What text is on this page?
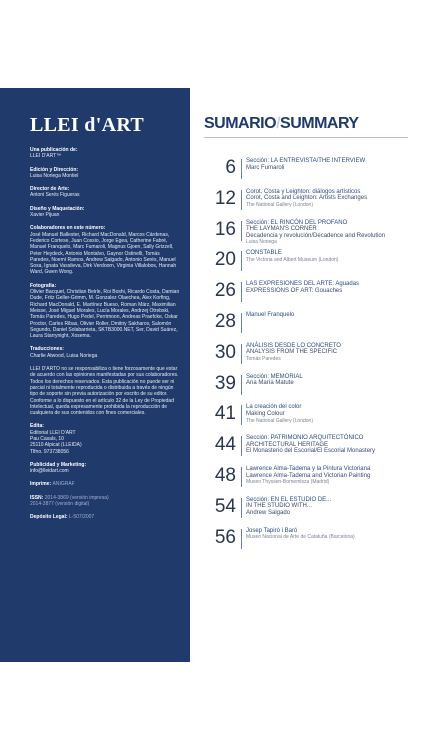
LLEI d'ART
Una publicación de:
LLEI D'ART™
Edición y Dirección:
Luisa Noriega Montiel
Director de Arte:
Antoni Serés Figueras
Diseño y Maquetación:
Xavier Pijuan
Colaboradores en este número:
José Manuel Ballester, Richard MacDonald, Marcos Cárdenas, Federico Cortese, Juan Cossio, Jorge Egea, Catherine Fabré, Manuel Franquelo, Marc Fumaroli, Magnus Gjoen, Sally Grizzell, Peter Heydeck, Antonio Montalvo, Gaynor Ostinelli, Tomás Paredes, Noemí Ramos, Andrew Salgado, Antonio Serés, Manuel Sosa, Ignata Vassileva, Dirk Verdoorn, Virginia Villalobos, Hannah Ward, Gwen Wong.
Fotografía:
Olivier Bacquet, Christian Beirle, Roi Boshi, Ricardo Costa, Damian Dude, Fritz Geller-Grimm, M. Gonzalez Olaechea, Alex Korfing, Richard MacDonald, E. Martínez Bueso, Roman März, Maximilian Meisse, José Miguel Morales, Lucía Morales, Andrzej Otrebski, Tomás Paredes, Hugo Pedel, Perrimoon, Andreas Praefcke, Oskar Proctor, Carles Ribas, Olivier Roller, Dmitriy Sakharov, Salomón Segundo, Daniel Solabarrieta, SKTB3000.NET, Ser, David Suárez, Laura Starrynight, Xosema.
Traducciones:
Charlie Atwood, Luisa Noriega
LLEI D'ARTO no se responsabiliza o tiene forzosamente que estar de acuerdo con las opiniones manifestadas por sus colaboradores. Todos los derechos reservados. Esta publicación no puede ser ni parcial ni totalmente reproducida o distribuida a través de ningún tipo de soporte sin previa autorización por escrito de su editor. Conforme a lo dispuesto en el artículo 32 de la Ley de Propiedad Intelectual, queda expresamente prohibida la reproducción de cualquiera de sus contenidos con fines comerciales.
Edita:
Editorial LLEI D'ART
Pau Casals, 10
25110 Alpicat (LLEIDA)
Tlfno. 973738056
Publicidad y Marketing:
info@lleidart.com
Imprime:ANIGRAF
ISSN: 2014-3869 (versión impresa)
2014-3877 (versión digital)
Depósito Legal:L-507/2007
SUMARIO/SUMMARY
6 Sección: LA ENTREVISTA/THE INTERVIEW
Marc Fumaroli
12 Corot, Costa y Leighton: diálogos artísticos
Corot, Costa and Leighton: Artists Exchanges
The National Gallery (London)
16 Sección: EL RINCÓN DEL PROFANO
THE LAYMAN'S CORNER
Decadencia y revolución/Decadence and Revolution
Luisa Noriega
20 CONSTABLE
The Victoria and Albert Museum (London)
26 LAS EXPRESIONES DEL ARTE: Aguadas
EXPRESSIONS OF ART: Gouaches
28 Manuel Franquelo
30 ANÁLISIS DESDE LO CONCRETO
ANALYSIS FROM THE SPECIFIC
Tomás Paredes
39 Sección: MEMORIAL
Ana María Matute
41 La creación del color
Making Colour
The National Gallery (London)
44 Sección: PATRIMONIO ARQUITECTÓNICO
ARCHITECTURAL HERITAGE
El Monasterio del Escorial/El Escorial Monastery
48 Lawrence Alma-Tadema y la Pintura Victoriana
Lawrence Alma-Tadema and Victorian Painting
Museo Thyssen-Bornemisza (Madrid)
54 Sección: EN EL ESTUDIO DE...
IN THE STUDIO WITH...
Andrew Salgado
56 Josep Tapiró i Baró
Museo Nacional de Arte de Cataluña (Barcelona)
